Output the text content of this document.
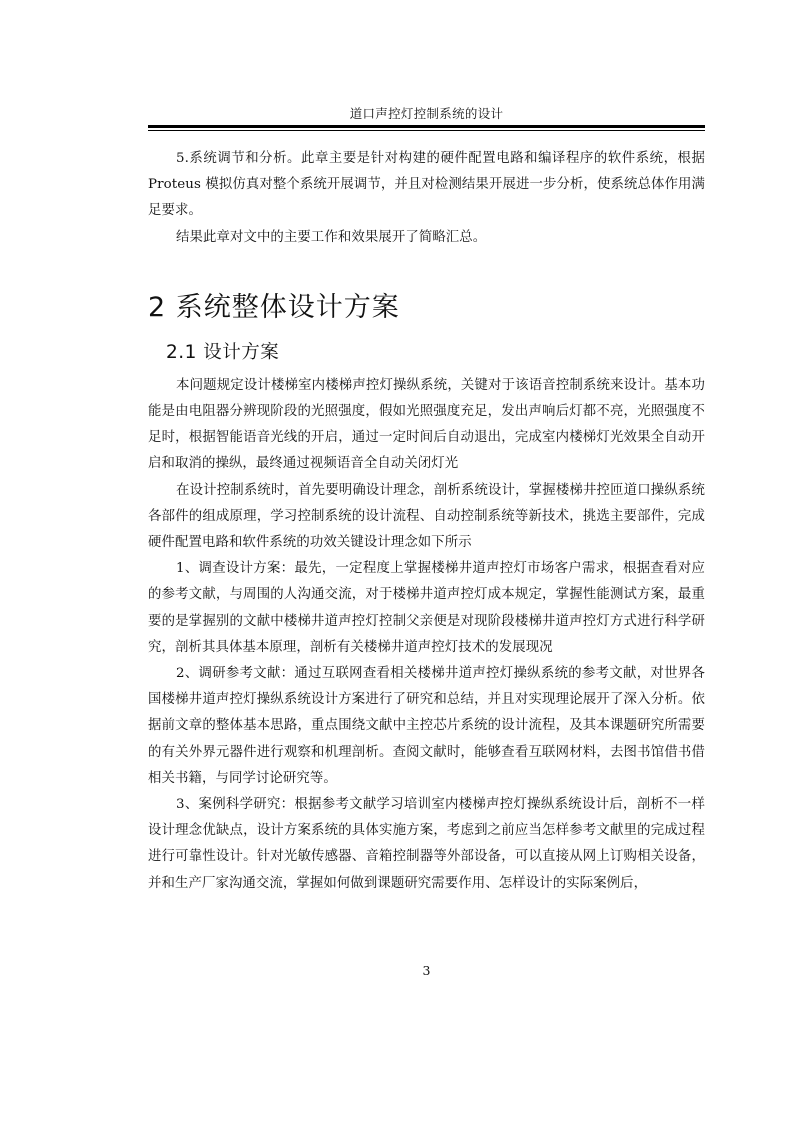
道口声控灯控制系统的设计

5.系统调节和分析。此章主要是针对构建的硬件配置电路和编译程序的软件系统，根据Proteus 模拟仿真对整个系统开展调节，并且对检测结果开展进一步分析，使系统总体作用满足要求。

结果此章对文中的主要工作和效果展开了简略汇总。

2 系统整体设计方案
2.1 设计方案

本问题规定设计楼梯室内楼梯声控灯操纵系统，关键对于该语音控制系统来设计。基本功能是由电阻器分辨现阶段的光照强度，假如光照强度充足，发出声响后灯都不亮，光照强度不足时，根据智能语音光线的开启，通过一定时间后自动退出，完成室内楼梯灯光效果全自动开启和取消的操纵，最终通过视频语音全自动关闭灯光

在设计控制系统时，首先要明确设计理念，剖析系统设计，掌握楼梯井控匝道口操纵系统各部件的组成原理，学习控制系统的设计流程、自动控制系统等新技术，挑选主要部件，完成硬件配置电路和软件系统的功效关键设计理念如下所示

1、调查设计方案：最先，一定程度上掌握楼梯井道声控灯市场客户需求，根据查看对应的参考文献，与周围的人沟通交流，对于楼梯井道声控灯成本规定，掌握性能测试方案，最重要的是掌握别的文献中楼梯井道声控灯控制父亲便是对现阶段楼梯井道声控灯方式进行科学研究，剖析其具体基本原理，剖析有关楼梯井道声控灯技术的发展现况

2、调研参考文献：通过互联网查看相关楼梯井道声控灯操纵系统的参考文献，对世界各国楼梯井道声控灯操纵系统设计方案进行了研究和总结，并且对实现理论展开了深入分析。依据前文章的整体基本思路，重点围绕文献中主控芯片系统的设计流程，及其本课题研究所需要的有关外界元器件进行观察和机理剖析。查阅文献时，能够查看互联网材料，去图书馆借书借相关书籍，与同学讨论研究等。

3、案例科学研究：根据参考文献学习培训室内楼梯声控灯操纵系统设计后，剖析不一样设计理念优缺点，设计方案系统的具体实施方案，考虑到之前应当怎样参考文献里的完成过程进行可靠性设计。针对光敏传感器、音箱控制器等外部设备，可以直接从网上订购相关设备，并和生产厂家沟通交流，掌握如何做到课题研究需要作用、怎样设计的实际案例后，

3
